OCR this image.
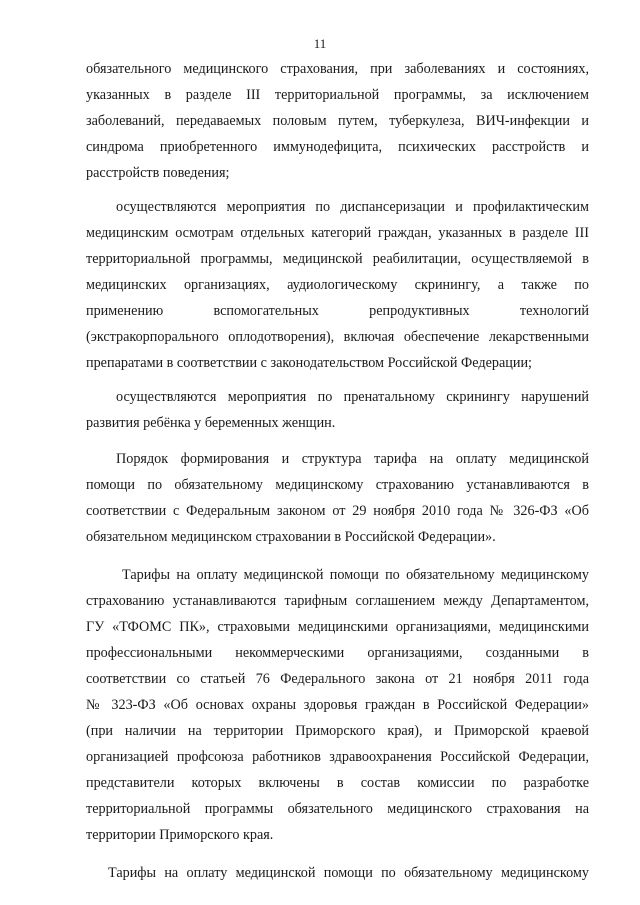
11
обязательного медицинского страхования, при заболеваниях и состояниях,
указанных в разделе III территориальной программы, за исключением
заболеваний, передаваемых половым путем, туберкулеза, ВИЧ-инфекции и
синдрома приобретенного иммунодефицита, психических расстройств и
расстройств поведения;
осуществляются мероприятия по диспансеризации и профилактическим
медицинским осмотрам отдельных категорий граждан, указанных в разделе III
территориальной программы, медицинской реабилитации, осуществляемой в
медицинских организациях, аудиологическому скринингу, а также по
применению вспомогательных репродуктивных технологий
(экстракорпорального оплодотворения), включая обеспечение лекарственными
препаратами в соответствии с законодательством Российской Федерации;
осуществляются мероприятия по пренатальному скринингу нарушений
развития ребёнка у беременных женщин.
Порядок формирования и структура тарифа на оплату медицинской
помощи по обязательному медицинскому страхованию устанавливаются в
соответствии с Федеральным законом от 29 ноября 2010 года № 326-ФЗ «Об
обязательном медицинском страховании в Российской Федерации».
Тарифы на оплату медицинской помощи по обязательному медицинскому
страхованию устанавливаются тарифным соглашением между Департаментом,
ГУ «ТФОМС ПК», страховыми медицинскими организациями, медицинскими
профессиональными некоммерческими организациями, созданными в
соответствии со статьей 76 Федерального закона от 21 ноября 2011 года
№ 323-ФЗ «Об основах охраны здоровья граждан в Российской Федерации»
(при наличии на территории Приморского края), и Приморской краевой
организацией профсоюза работников здравоохранения Российской Федерации,
представители которых включены в состав комиссии по разработке
территориальной программы обязательного медицинского страхования на
территории Приморского края.
Тарифы на оплату медицинской помощи по обязательному медицинскому
